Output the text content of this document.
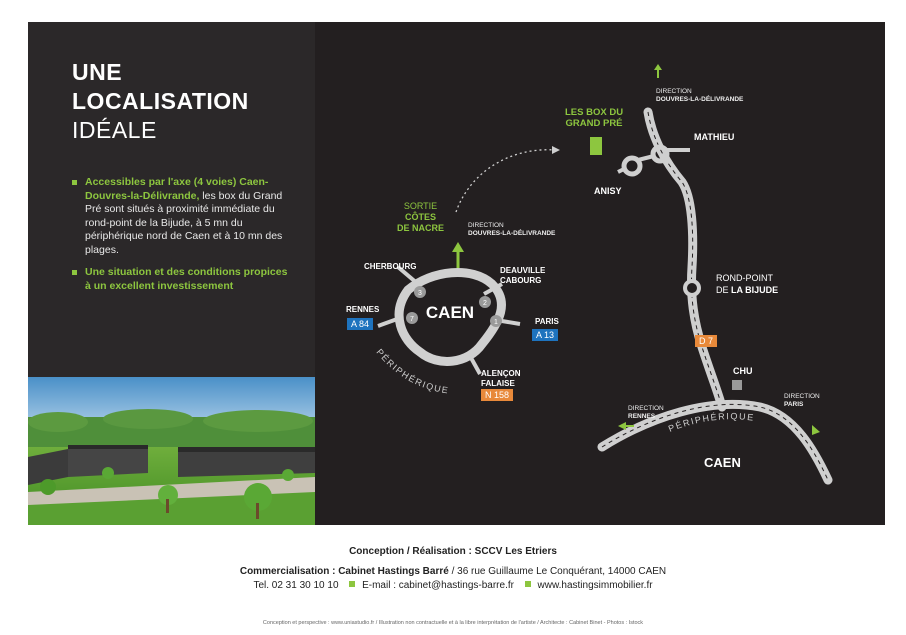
UNE
LOCALISATION
IDÉALE
Accessibles par l'axe (4 voies) Caen-Douvres-la-Délivrande, les box du Grand Pré sont situés à proximité immédiate du rond-point de la Bijude, à 5 mn du périphérique nord de Caen et à 10 mn des plages.
Une situation et des conditions propices à un excellent investissement
3
2
1
7 CAEN
PÉRIPHÉRIQUE
SORTIE
CÔTES
DE NACRE	DIRECTION
DOUVRES-LA-DÉLIVRANDE
CHERBOURG	DEAUVILLE
CABOURG
RENNES
A 84	PARIS
A 13
ALENÇON
FALAISE
N 158
PÉRIPHÉRIQUE
DIRECTION
DOUVRES-LA-DÉLIVRANDE
LES BOX DU
GRAND PRÉ
MATHIEU
ANISY
ROND-POINT
DE LA BIJUDE
D 7
CHU
DIRECTION
RENNES
DIRECTION
PARIS
CAEN
Conception / Réalisation : SCCV Les Etriers
Commercialisation : Cabinet Hastings Barré / 36 rue Guillaume Le Conquérant, 14000 CAEN
Tel. 02 31 30 10 10 E-mail : cabinet@hastings-barre.fr www.hastingsimmobilier.fr
Conception et perspective : www.uniastudio.fr / Illustration non contractuelle et à la libre interprétation de l'artiste / Architecte : Cabinet Binet - Photos : Istock
